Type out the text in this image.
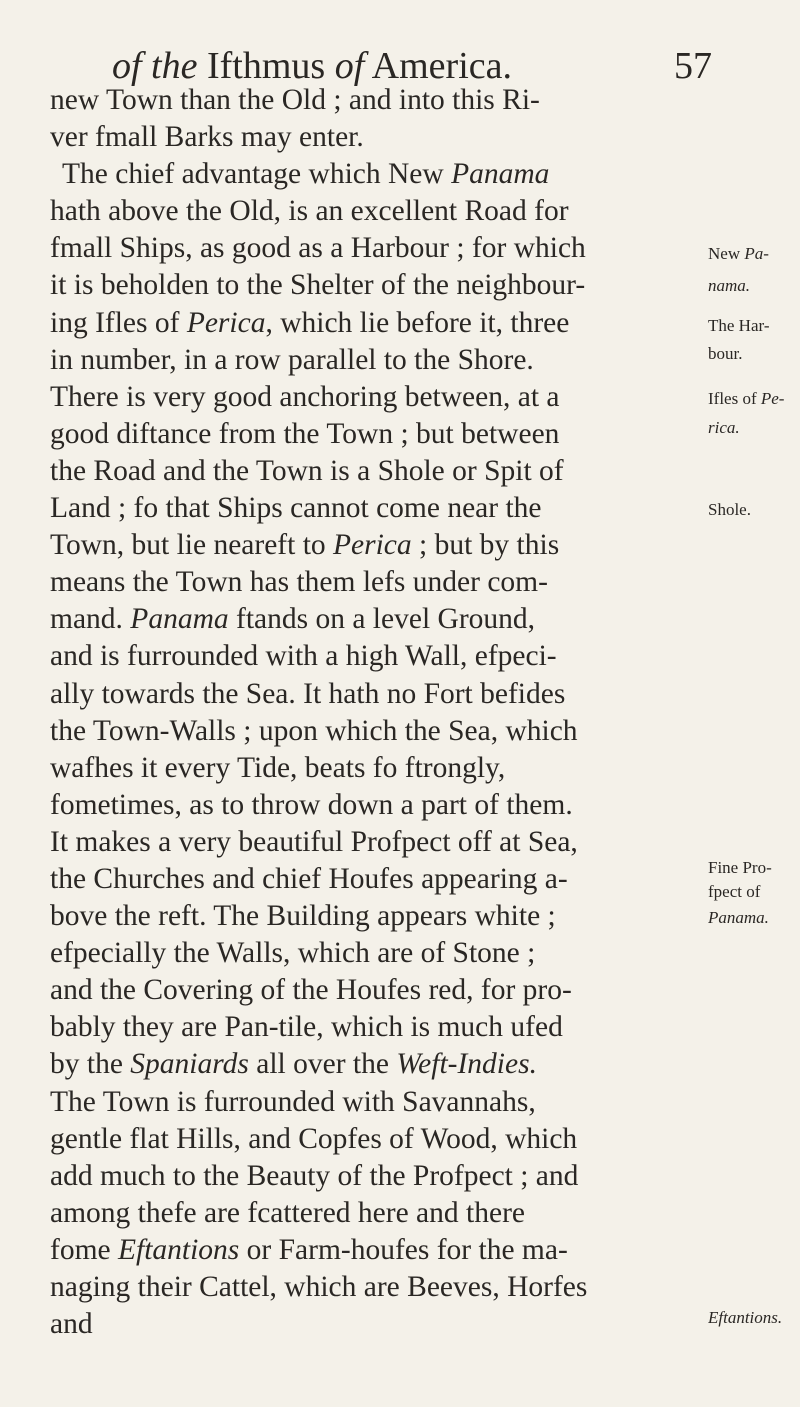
of the Ifthmus of America.	57
new Town than the Old ; and into this Ri-
ver fmall Barks may enter.
The chief advantage which New Panama
hath above the Old, is an excellent Road for
fmall Ships, as good as a Harbour ; for which
it is beholden to the Shelter of the neighbour-
ing Ifles of Perica, which lie before it, three
in number, in a row parallel to the Shore.
There is very good anchoring between, at a
good diftance from the Town ; but between
the Road and the Town is a Shole or Spit of
Land ; fo that Ships cannot come near the
Town, but lie neareft to Perica ; but by this
means the Town has them lefs under com-
mand. Panama ftands on a level Ground,
and is furrounded with a high Wall, efpeci-
ally towards the Sea. It hath no Fort befides
the Town-Walls ; upon which the Sea, which
wafhes it every Tide, beats fo ftrongly,
fometimes, as to throw down a part of them.
It makes a very beautiful Profpect off at Sea,
the Churches and chief Houfes appearing a-
bove the reft. The Building appears white ;
efpecially the Walls, which are of Stone ;
and the Covering of the Houfes red, for pro-
bably they are Pan-tile, which is much ufed
by the Spaniards all over the Weft-Indies.
The Town is furrounded with Savannahs,
gentle flat Hills, and Copfes of Wood, which
add much to the Beauty of the Profpect ; and
among thefe are fcattered here and there
fome Eftantions or Farm-houfes for the ma-
naging their Cattel, which are Beeves, Horfes
and
New Pa-
nama.
The Har-
bour.
Ifles of Pe-
rica.
Shole.
Fine Pro-
fpect of
Panama.
Eftantions.
